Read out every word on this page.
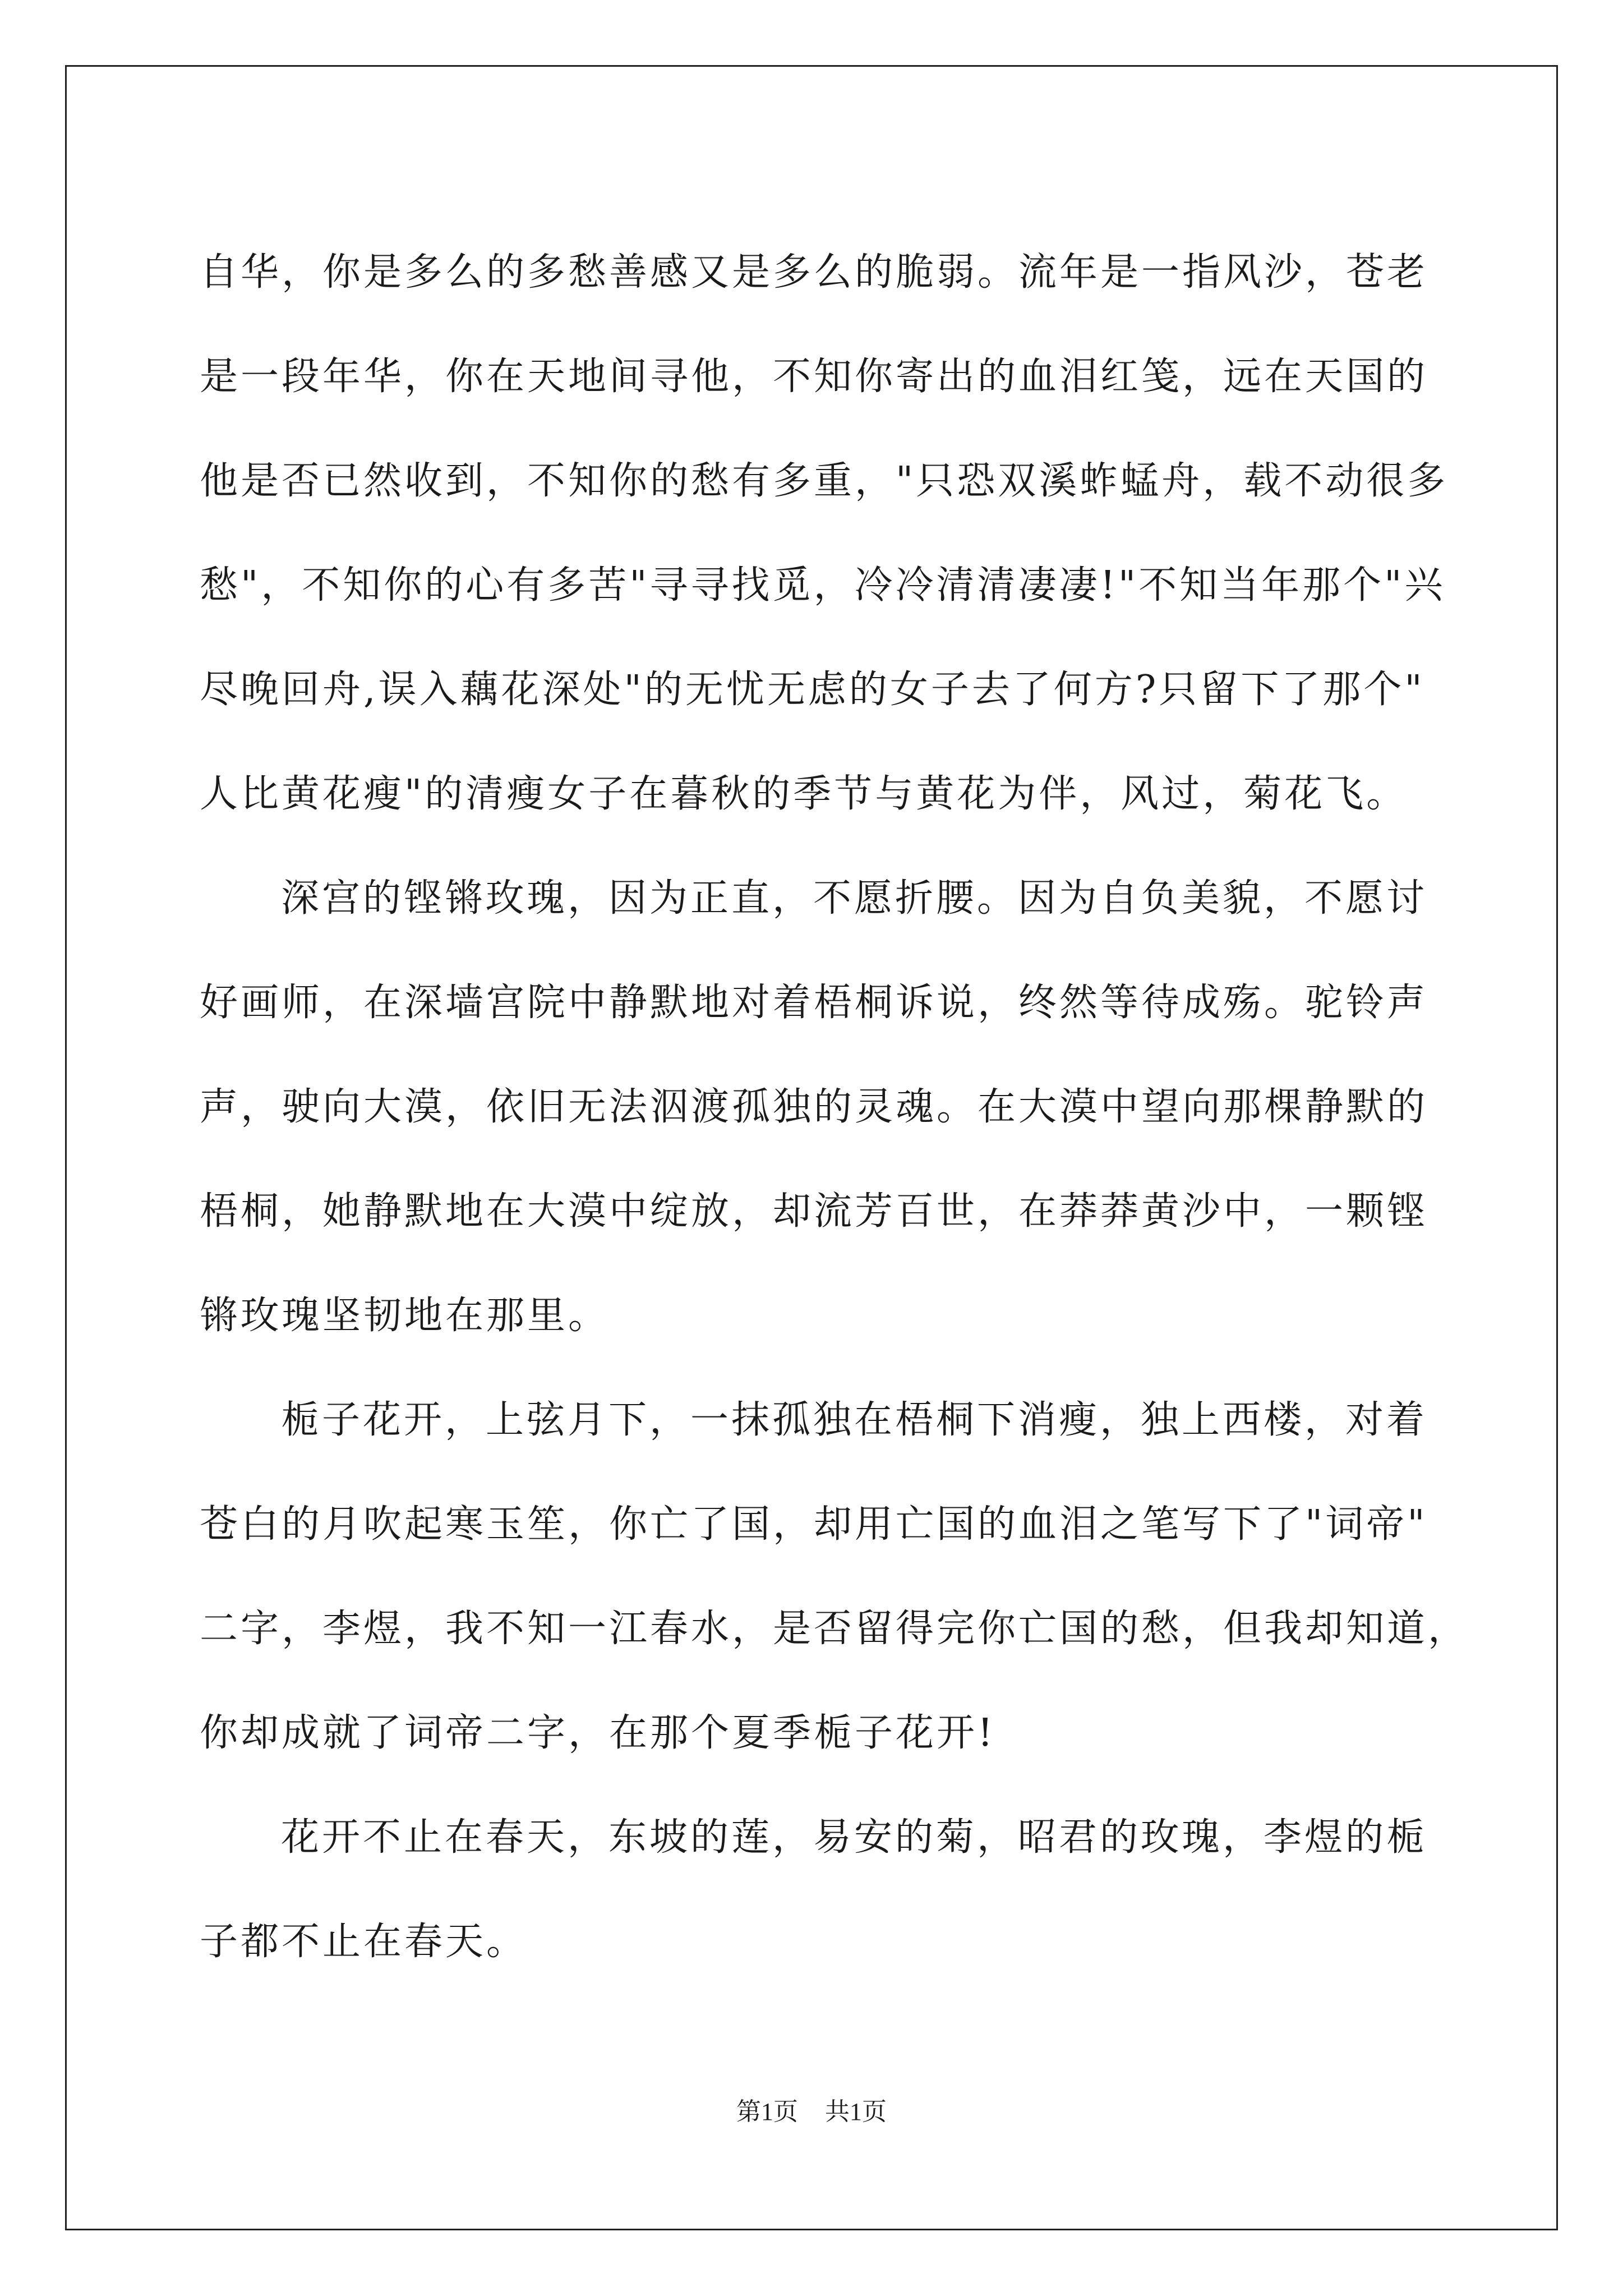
自华，你是多么的多愁善感又是多么的脆弱。流年是一指风沙，苍老
是一段年华，你在天地间寻他，不知你寄出的血泪红笺，远在天国的
他是否已然收到，不知你的愁有多重，"只恐双溪蚱蜢舟，载不动很多
愁"，不知你的心有多苦"寻寻找觅，冷冷清清凄凄!"不知当年那个"兴
尽晚回舟,误入藕花深处"的无忧无虑的女子去了何方?只留下了那个"
人比黄花瘦"的清瘦女子在暮秋的季节与黄花为伴，风过，菊花飞。
深宫的铿锵玫瑰，因为正直，不愿折腰。因为自负美貌，不愿讨
好画师，在深墙宫院中静默地对着梧桐诉说，终然等待成殇。驼铃声
声，驶向大漠，依旧无法泅渡孤独的灵魂。在大漠中望向那棵静默的
梧桐，她静默地在大漠中绽放，却流芳百世，在莽莽黄沙中，一颗铿
锵玫瑰坚韧地在那里。
栀子花开，上弦月下，一抹孤独在梧桐下消瘦，独上西楼，对着
苍白的月吹起寒玉笙，你亡了国，却用亡国的血泪之笔写下了"词帝"
二字，李煜，我不知一江春水，是否留得完你亡国的愁，但我却知道，
你却成就了词帝二字，在那个夏季栀子花开!
花开不止在春天，东坡的莲，易安的菊，昭君的玫瑰，李煜的栀
子都不止在春天。
第1页 共1页
